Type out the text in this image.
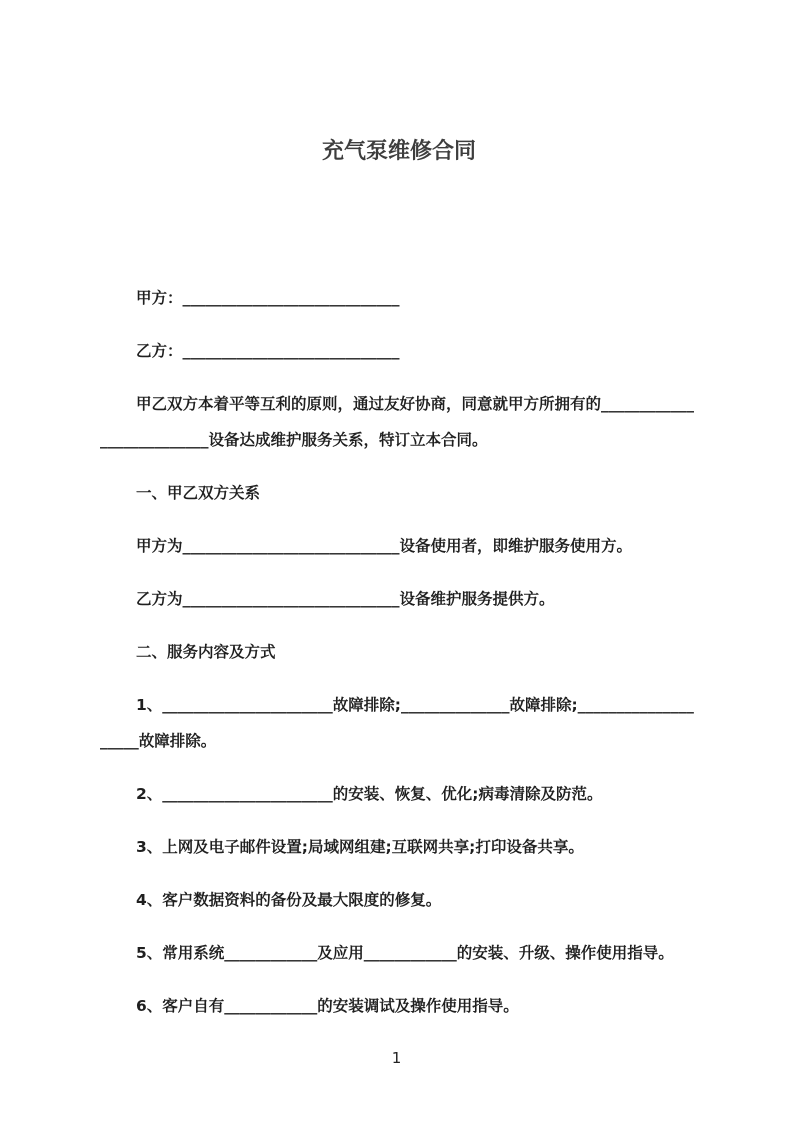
充气泵维修合同

甲方：____________________________

乙方：____________________________

甲乙双方本着平等互利的原则，通过友好协商，同意就甲方所拥有的__________________________设备达成维护服务关系，特订立本合同。

一、甲乙双方关系

甲方为____________________________设备使用者，即维护服务使用方。

乙方为____________________________设备维护服务提供方。

二、服务内容及方式

1、______________________故障排除;______________故障排除;____________________故障排除。

2、______________________的安装、恢复、优化;病毒清除及防范。

3、上网及电子邮件设置;局域网组建;互联网共享;打印设备共享。

4、客户数据资料的备份及最大限度的修复。

5、常用系统____________及应用____________的安装、升级、操作使用指导。

6、客户自有____________的安装调试及操作使用指导。

1
